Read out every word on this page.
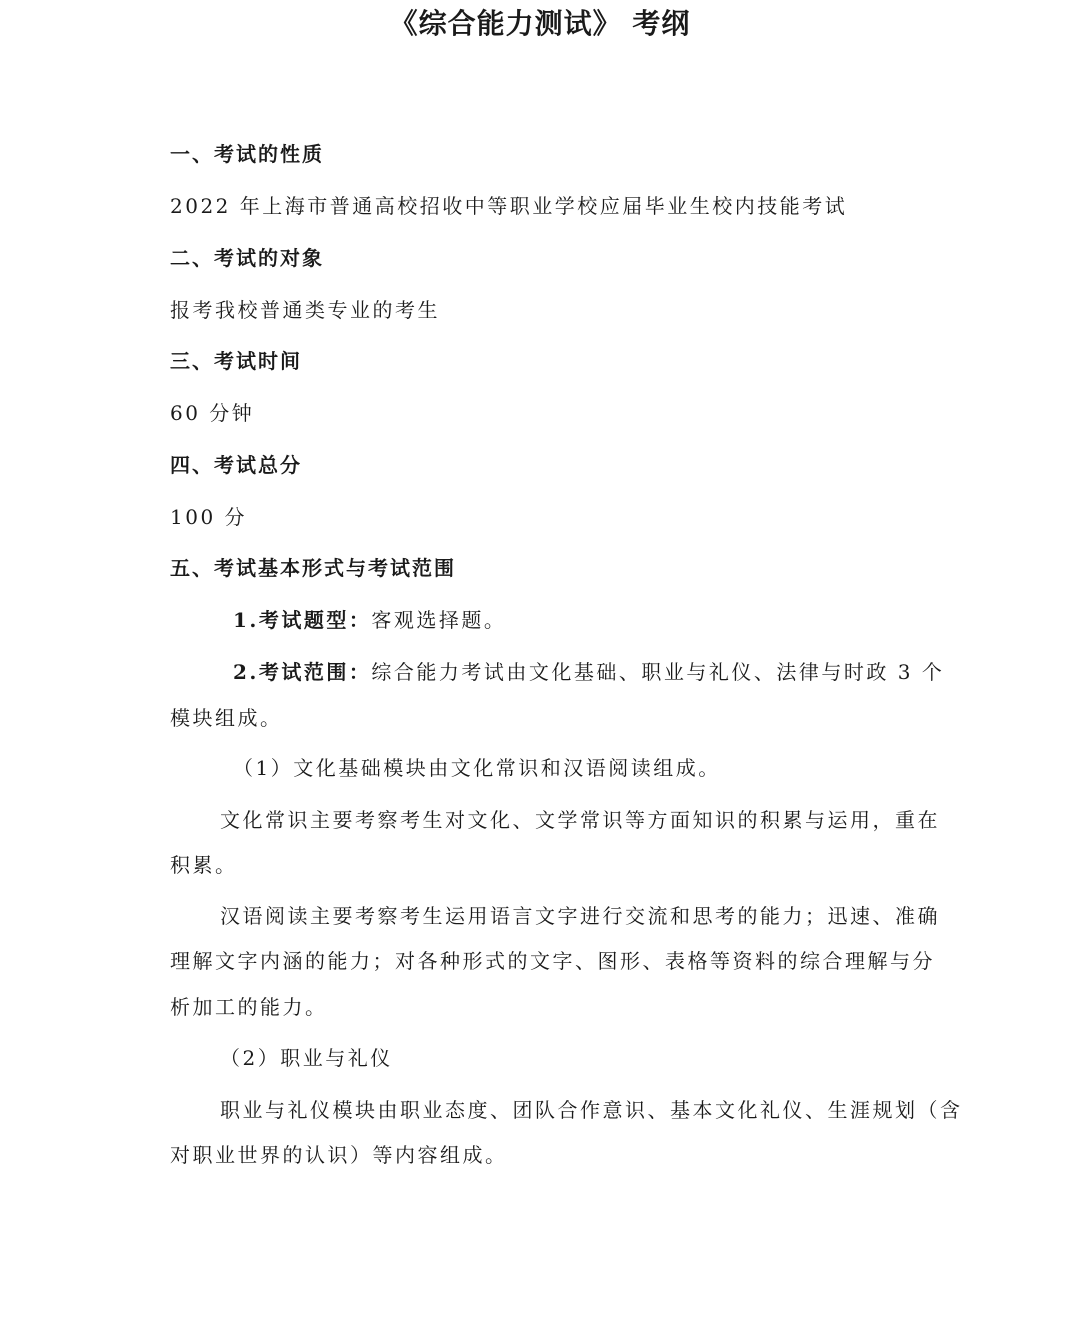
《综合能力测试》 考纲

一、考试的性质

2022 年上海市普通高校招收中等职业学校应届毕业生校内技能考试

二、考试的对象

报考我校普通类专业的考生

三、考试时间

60 分钟

四、考试总分

100 分

五、考试基本形式与考试范围

1.考试题型：客观选择题。

2.考试范围：综合能力考试由文化基础、职业与礼仪、法律与时政 3 个

模块组成。

（1）文化基础模块由文化常识和汉语阅读组成。

文化常识主要考察考生对文化、文学常识等方面知识的积累与运用，重在

积累。

汉语阅读主要考察考生运用语言文字进行交流和思考的能力；迅速、准确

理解文字内涵的能力；对各种形式的文字、图形、表格等资料的综合理解与分

析加工的能力。

（2）职业与礼仪

职业与礼仪模块由职业态度、团队合作意识、基本文化礼仪、生涯规划（含

对职业世界的认识）等内容组成。
